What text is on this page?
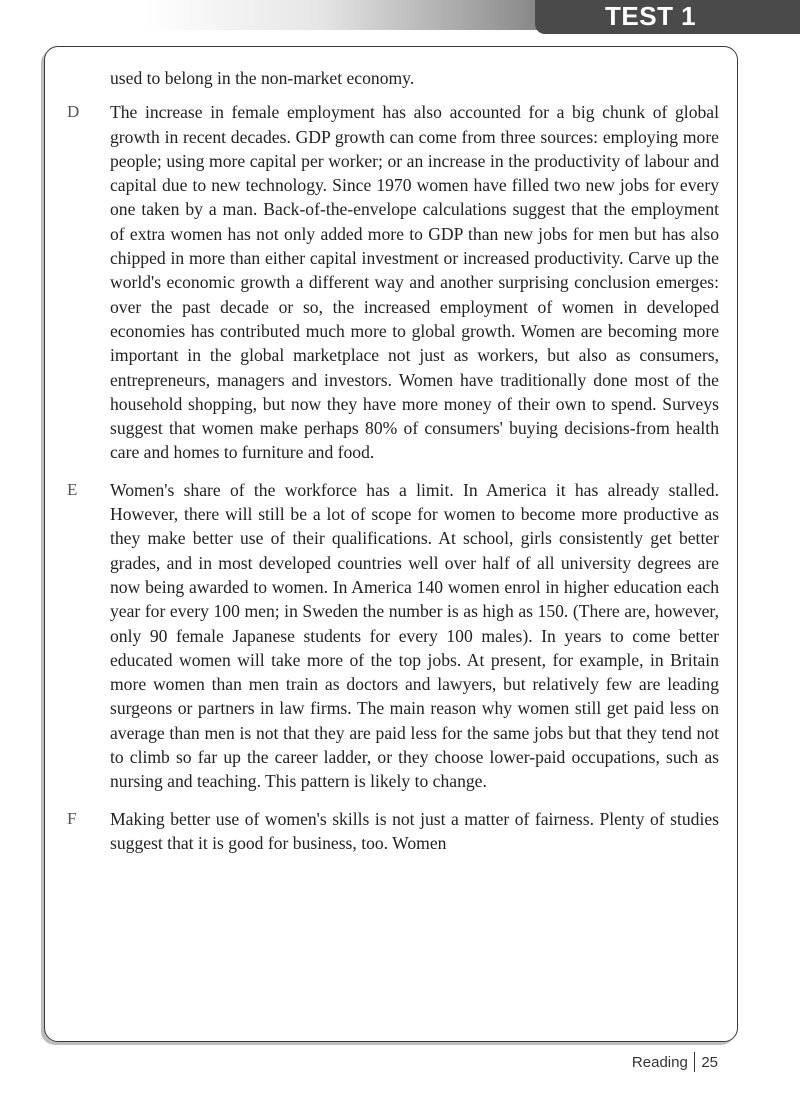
TEST 1
used to belong in the non-market economy.
D The increase in female employment has also accounted for a big chunk of global growth in recent decades. GDP growth can come from three sources: employing more people; using more capital per worker; or an increase in the productivity of labour and capital due to new technology. Since 1970 women have filled two new jobs for every one taken by a man. Back-of-the-envelope calculations suggest that the employment of extra women has not only added more to GDP than new jobs for men but has also chipped in more than either capital investment or increased productivity. Carve up the world's economic growth a different way and another surprising conclusion emerges: over the past decade or so, the increased employment of women in developed economies has contributed much more to global growth. Women are becoming more important in the global marketplace not just as workers, but also as consumers, entrepreneurs, managers and investors. Women have traditionally done most of the household shopping, but now they have more money of their own to spend. Surveys suggest that women make perhaps 80% of consumers' buying decisions-from health care and homes to furniture and food.
E Women's share of the workforce has a limit. In America it has already stalled. However, there will still be a lot of scope for women to become more productive as they make better use of their qualifications. At school, girls consistently get better grades, and in most developed countries well over half of all university degrees are now being awarded to women. In America 140 women enrol in higher education each year for every 100 men; in Sweden the number is as high as 150. (There are, however, only 90 female Japanese students for every 100 males). In years to come better educated women will take more of the top jobs. At present, for example, in Britain more women than men train as doctors and lawyers, but relatively few are leading surgeons or partners in law firms. The main reason why women still get paid less on average than men is not that they are paid less for the same jobs but that they tend not to climb so far up the career ladder, or they choose lower-paid occupations, such as nursing and teaching. This pattern is likely to change.
F Making better use of women's skills is not just a matter of fairness. Plenty of studies suggest that it is good for business, too. Women
Reading 25
